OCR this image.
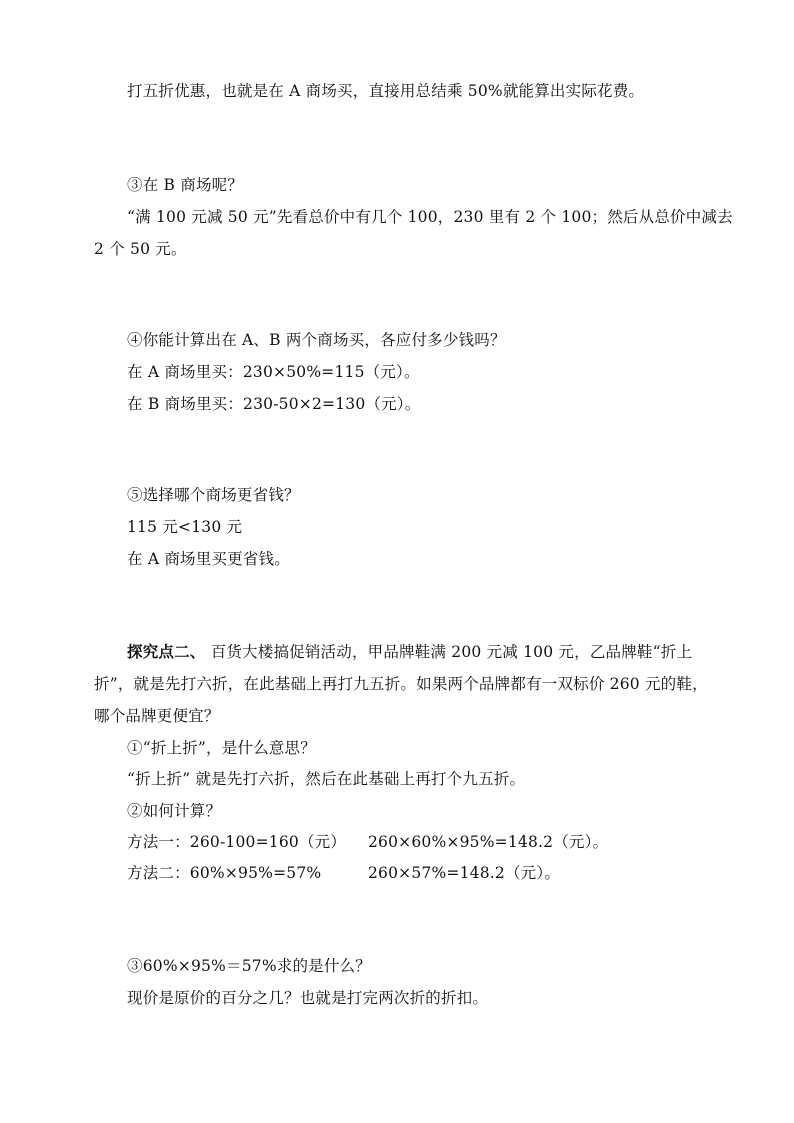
打五折优惠，也就是在 A 商场买，直接用总结乘 50%就能算出实际花费。
③在 B 商场呢？
“满 100 元减 50 元”先看总价中有几个 100，230 里有 2 个 100；然后从总价中减去
2 个 50 元。
④你能计算出在 A、B 两个商场买，各应付多少钱吗？
在 A 商场里买：230×50%=115（元）。
在 B 商场里买：230-50×2=130（元）。
⑤选择哪个商场更省钱？
115 元<130 元
在 A 商场里买更省钱。
探究点二、 百货大楼搞促销活动，甲品牌鞋满 200 元减 100 元，乙品牌鞋“折上
折”，就是先打六折，在此基础上再打九五折。如果两个品牌都有一双标价 260 元的鞋，
哪个品牌更便宜？
①“折上折”，是什么意思？
“折上折” 就是先打六折，然后在此基础上再打个九五折。
②如何计算？
方法一：260-100=160（元） 260×60%×95%=148.2（元）。
方法二：60%×95%=57%	260×57%=148.2（元）。
③60%×95%＝57%求的是什么？
现价是原价的百分之几？也就是打完两次折的折扣。
